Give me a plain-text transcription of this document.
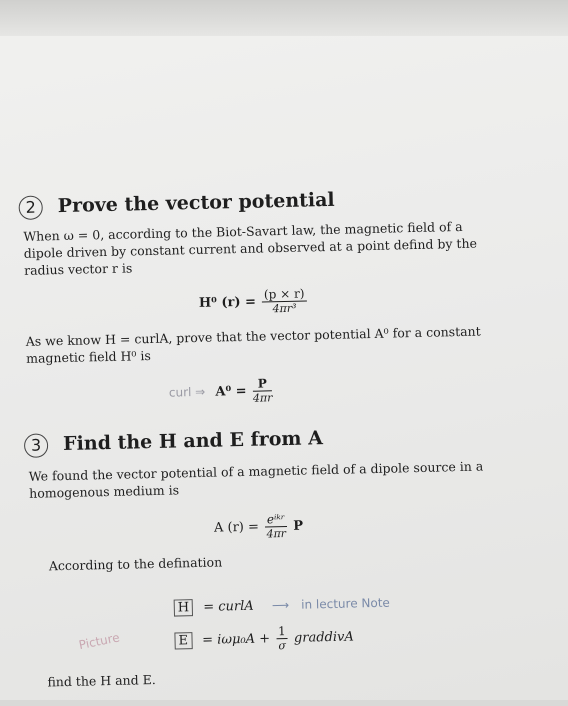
2 Prove the vector potential
When ω = 0, according to the Biot-Savart law, the magnetic field of a dipole driven by constant current and observed at a point defind by the radius vector r is
H⁰ $(r) = \frac{(p \times r)}{\text{4πr³}}$
As we know H = curlA, prove that the vector potential A⁰ for a constant magnetic field H⁰ is
curl ⇒ $A^0 = \frac{P}{4\pi r}$
3 Find the H and E from A
We found the vector potential of a magnetic field of a dipole source in a homogenous medium is
A $(r) = \frac{\text{eⁱᵏʳ}}{4\pi r}$ P
According to the defination
H = curlA ⟶ in lecture Note
Picture	$E = i\omega\mu_0A + \frac{1}{\sigma}$ graddivA
find the H and E.
